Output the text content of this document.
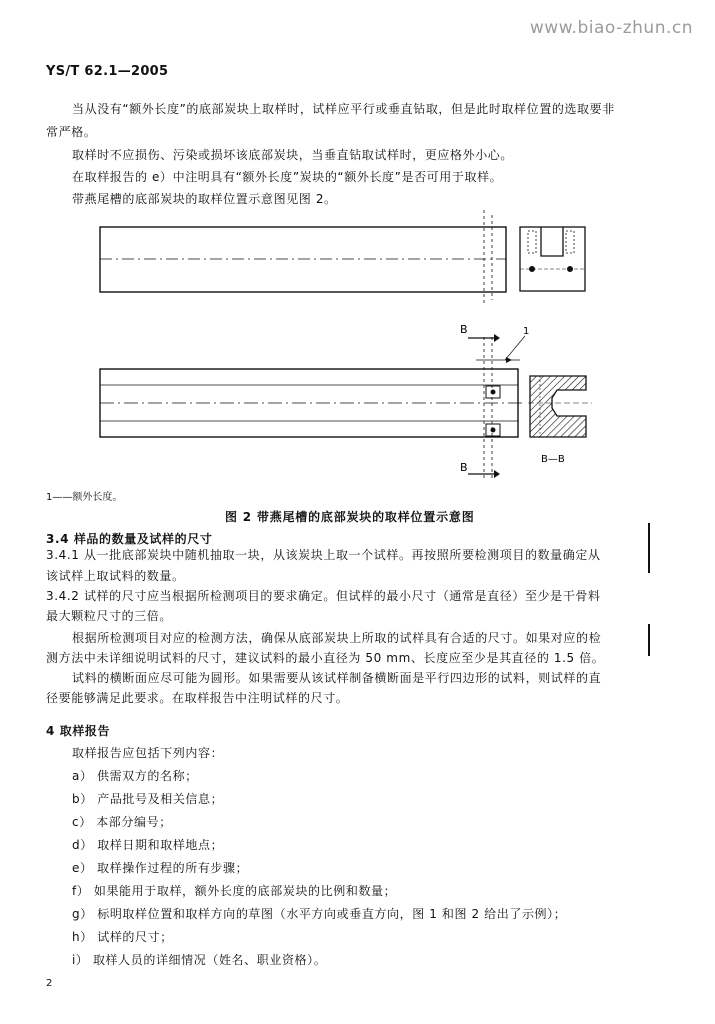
www.biao-zhun.cn
YS/T 62.1—2005
当从没有“额外长度”的底部炭块上取样时，试样应平行或垂直钻取，但是此时取样位置的选取要非
常严格。
取样时不应损伤、污染或损坏该底部炭块，当垂直钻取试样时，更应格外小心。
在取样报告的 e）中注明具有“额外长度”炭块的“额外长度”是否可用于取样。
带燕尾槽的底部炭块的取样位置示意图见图 2。
B
B
1
B—B
1——额外长度。
图 2 带燕尾槽的底部炭块的取样位置示意图
3.4 样品的数量及试样的尺寸
3.4.1 从一批底部炭块中随机抽取一块，从该炭块上取一个试样。再按照所要检测项目的数量确定从
该试样上取试料的数量。
3.4.2 试样的尺寸应当根据所检测项目的要求确定。但试样的最小尺寸（通常是直径）至少是干骨料
最大颗粒尺寸的三倍。
根据所检测项目对应的检测方法，确保从底部炭块上所取的试样具有合适的尺寸。如果对应的检
测方法中未详细说明试料的尺寸，建议试料的最小直径为 50 mm、长度应至少是其直径的 1.5 倍。
试料的横断面应尽可能为圆形。如果需要从该试样制备横断面是平行四边形的试料，则试样的直
径要能够满足此要求。在取样报告中注明试样的尺寸。
4 取样报告
取样报告应包括下列内容：
a） 供需双方的名称；
b） 产品批号及相关信息；
c） 本部分编号；
d） 取样日期和取样地点；
e） 取样操作过程的所有步骤；
f） 如果能用于取样，额外长度的底部炭块的比例和数量；
g） 标明取样位置和取样方向的草图（水平方向或垂直方向，图 1 和图 2 给出了示例）；
h） 试样的尺寸；
i） 取样人员的详细情况（姓名、职业资格）。
2
